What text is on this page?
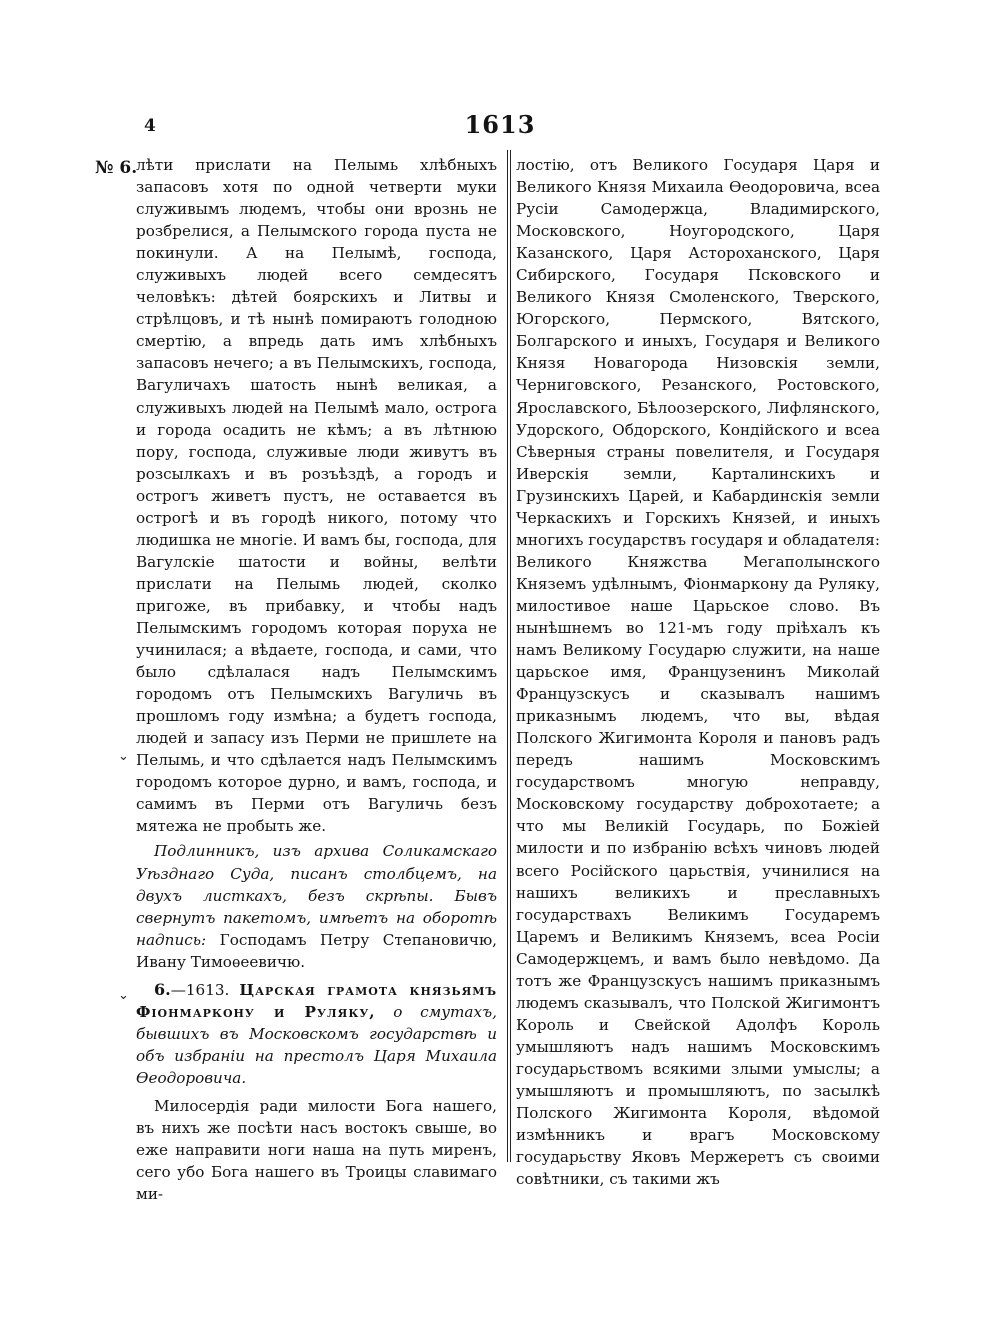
4	1613
№ 6.
⌄
⌄

лѣти прислати на Пелымь хлѣбныхъ запасовъ хотя по одной четверти муки служивымъ людемъ, чтобы они врознь не розбрелися, а Пелымского города пуста не покинули. А на Пелымѣ, господа, служивыхъ людей всего семдесятъ человѣкъ: дѣтей боярскихъ и Литвы и стрѣлцовъ, и тѣ нынѣ помираютъ голодною смертiю, а впредь дать имъ хлѣбныхъ запасовъ нечего; а въ Пелымскихъ, господа, Вагуличахъ шатость нынѣ великая, а служивыхъ людей на Пелымѣ мало, острога и города осадить не кѣмъ; а въ лѣтнюю пору, господа, служивые люди живутъ въ розсылкахъ и въ розъѣздѣ, а городъ и острогъ живетъ пустъ, не оставается въ острогѣ и въ городѣ никого, потому что людишка не многiе. И вамъ бы, господа, для Вагулскiе шатости и войны, велѣти прислати на Пелымь людей, сколко пригоже, въ прибавку, и чтобы надъ Пелымскимъ городомъ которая поруха не учинилася; а вѣдаете, господа, и сами, что было сдѣлалася надъ Пелымскимъ городомъ отъ Пелымскихъ Вагуличь въ прошломъ году измѣна; а будетъ господа, людей и запасу изъ Перми не пришлете на Пелымь, и что сдѣлается надъ Пелымскимъ городомъ которое дурно, и вамъ, господа, и самимъ въ Перми отъ Вагуличь безъ мятежа не пробыть же.

Подлинникъ, изъ архива Соликамскаго Уѣзднаго Суда, писанъ столбцемъ, на двухъ листкахъ, безъ скрѣпы. Бывъ свернутъ пакетомъ, имѣетъ на оборотѣ надпись: Господамъ Петру Степановичю, Ивану Тимоѳеевичю.

6.—1613. Царская грамота князьямъ Фiонмаркону и Руляку, о смутахъ, бывшихъ въ Московскомъ государствѣ и объ избранiи на престолъ Царя Михаила Ѳеодоровича.

Милосердiя ради милости Бога нашего, въ нихъ же посѣти насъ востокъ свыше, во еже направити ноги наша на путь миренъ, сего убо Бога нашего въ Троицы славимаго ми-

лостiю, отъ Великого Государя Царя и Великого Князя Михаила Ѳеодоровича, всеа Русiи Самодержца, Владимирского, Московского, Ноугородского, Царя Казанского, Царя Астороханского, Царя Сибирского, Государя Псковского и Великого Князя Смоленского, Тверского, Югорского, Пермского, Вятского, Болгарского и иныхъ, Государя и Великого Князя Новагорода Низовскiя земли, Черниговского, Резанского, Ростовского, Ярославского, Бѣлоозерского, Лифлянского, Удорского, Обдорского, Кондiйского и всеа Сѣверныя страны повелителя, и Государя Иверскiя земли, Карталинскихъ и Грузинскихъ Царей, и Кабардинскiя земли Черкаскихъ и Горскихъ Князей, и иныхъ многихъ государствъ государя и обладателя: Великого Княжства Мегаполынского Княземъ удѣлнымъ, Фiонмаркону да Руляку, милостивое наше Царьское слово. Въ нынѣшнемъ во 121-мъ году прiѣхалъ къ намъ Великому Государю служити, на наше царьское имя, Французенинъ Миколай Французскусъ и сказывалъ нашимъ приказнымъ людемъ, что вы, вѣдая Полского Жигимонта Короля и пановъ радъ передъ нашимъ Московскимъ государствомъ многую неправду, Московскому государству доброхотаете; а что мы Великiй Государь, по Божiей милости и по избранiю всѣхъ чиновъ людей всего Росiйского царьствiя, учинилися на нашихъ великихъ и преславныхъ государствахъ Великимъ Государемъ Царемъ и Великимъ Княземъ, всеа Росiи Самодержцемъ, и вамъ было невѣдомо. Да тотъ же Французскусъ нашимъ приказнымъ людемъ сказывалъ, что Полской Жигимонтъ Король и Свейской Адолфъ Король умышляютъ надъ нашимъ Московскимъ государьствомъ всякими злыми умыслы; а умышляютъ и промышляютъ, по засылкѣ Полского Жигимонта Короля, вѣдомой измѣнникъ и врагъ Московскому государьству Яковъ Мержеретъ съ своими совѣтники, съ такими жъ
